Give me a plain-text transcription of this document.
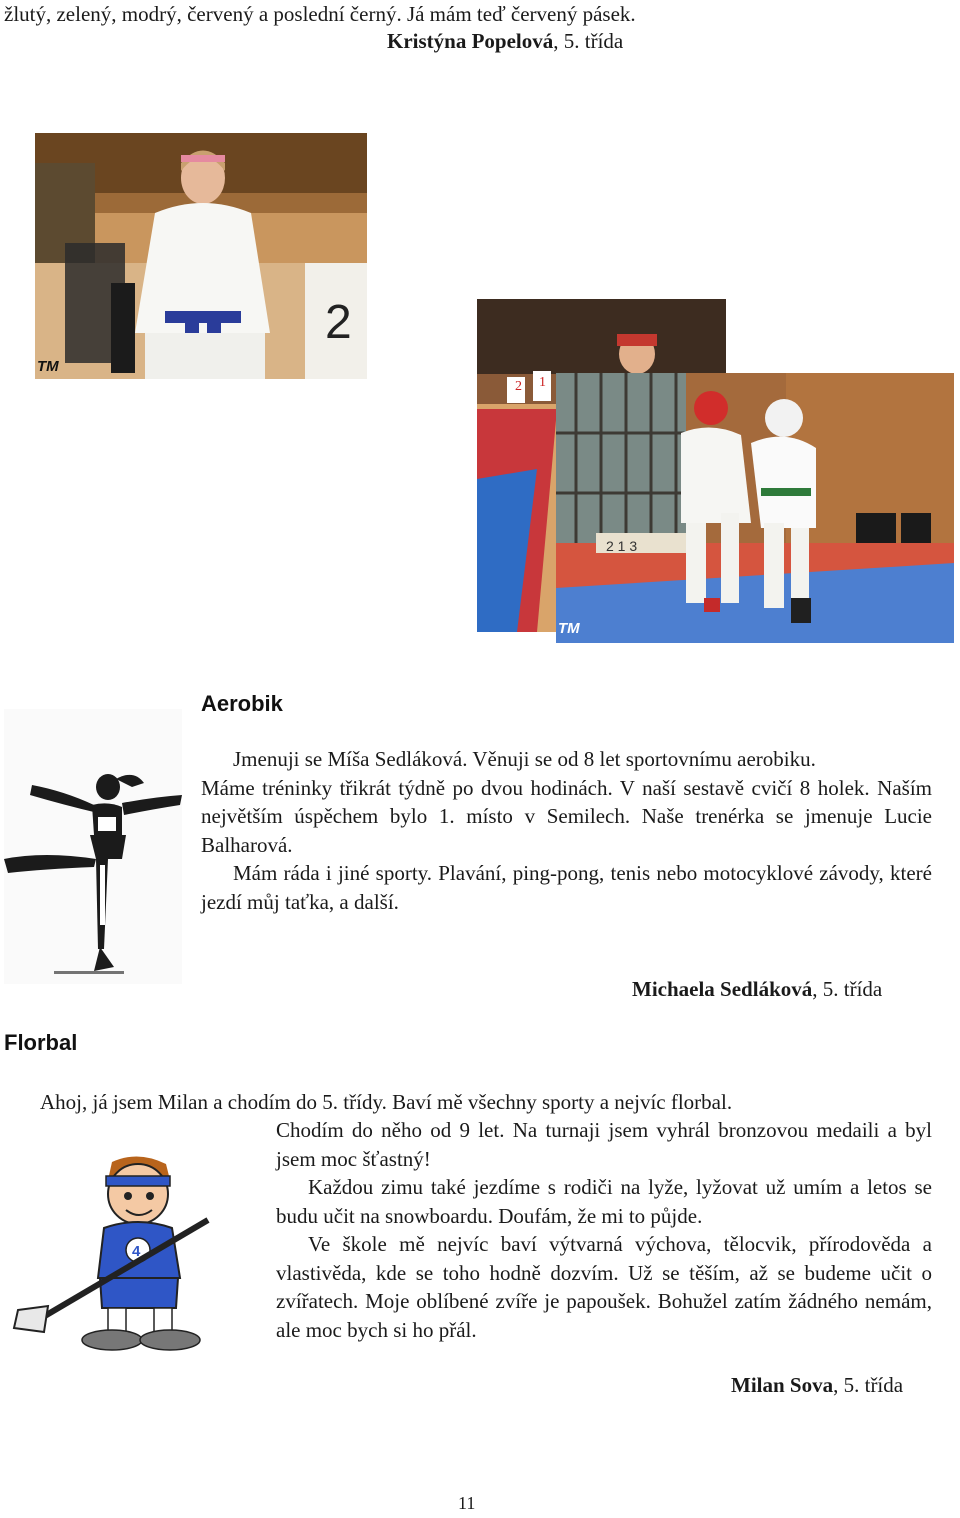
žlutý, zelený, modrý, červený a poslední černý. Já mám teď červený pásek.
Kristýna Popelová, 5. třída
2
TM
2 1
2 1 3
TM
Aerobik

Jmenuji se Míša Sedláková. Věnuji se od 8 let sportovnímu aerobiku.

Máme tréninky třikrát týdně po dvou hodinách. V naší sestavě cvičí 8 holek. Naším největším úspěchem bylo 1. místo v Semilech. Naše trenérka se jmenuje Lucie Balharová.

Mám ráda i jiné sporty. Plavání, ping-pong, tenis nebo motocyklové závody, které jezdí můj taťka, a další.

Michaela Sedláková, 5. třída
Florbal
Ahoj, já jsem Milan a chodím do 5. třídy. Baví mě všechny sporty a nejvíc florbal.
4

Chodím do něho od 9 let. Na turnaji jsem vyhrál bronzovou medaili a byl jsem moc šťastný!

Každou zimu také jezdíme s rodiči na lyže, lyžovat už umím a letos se budu učit na snowboardu. Doufám, že mi to půjde.

Ve škole mě nejvíc baví výtvarná výchova, tělocvik, přírodověda a vlastivěda, kde se toho hodně dozvím. Už se těším, až se budeme učit o zvířatech. Moje oblíbené zvíře je papoušek. Bohužel zatím žádného nemám, ale moc bych si ho přál.

Milan Sova, 5. třída
11
